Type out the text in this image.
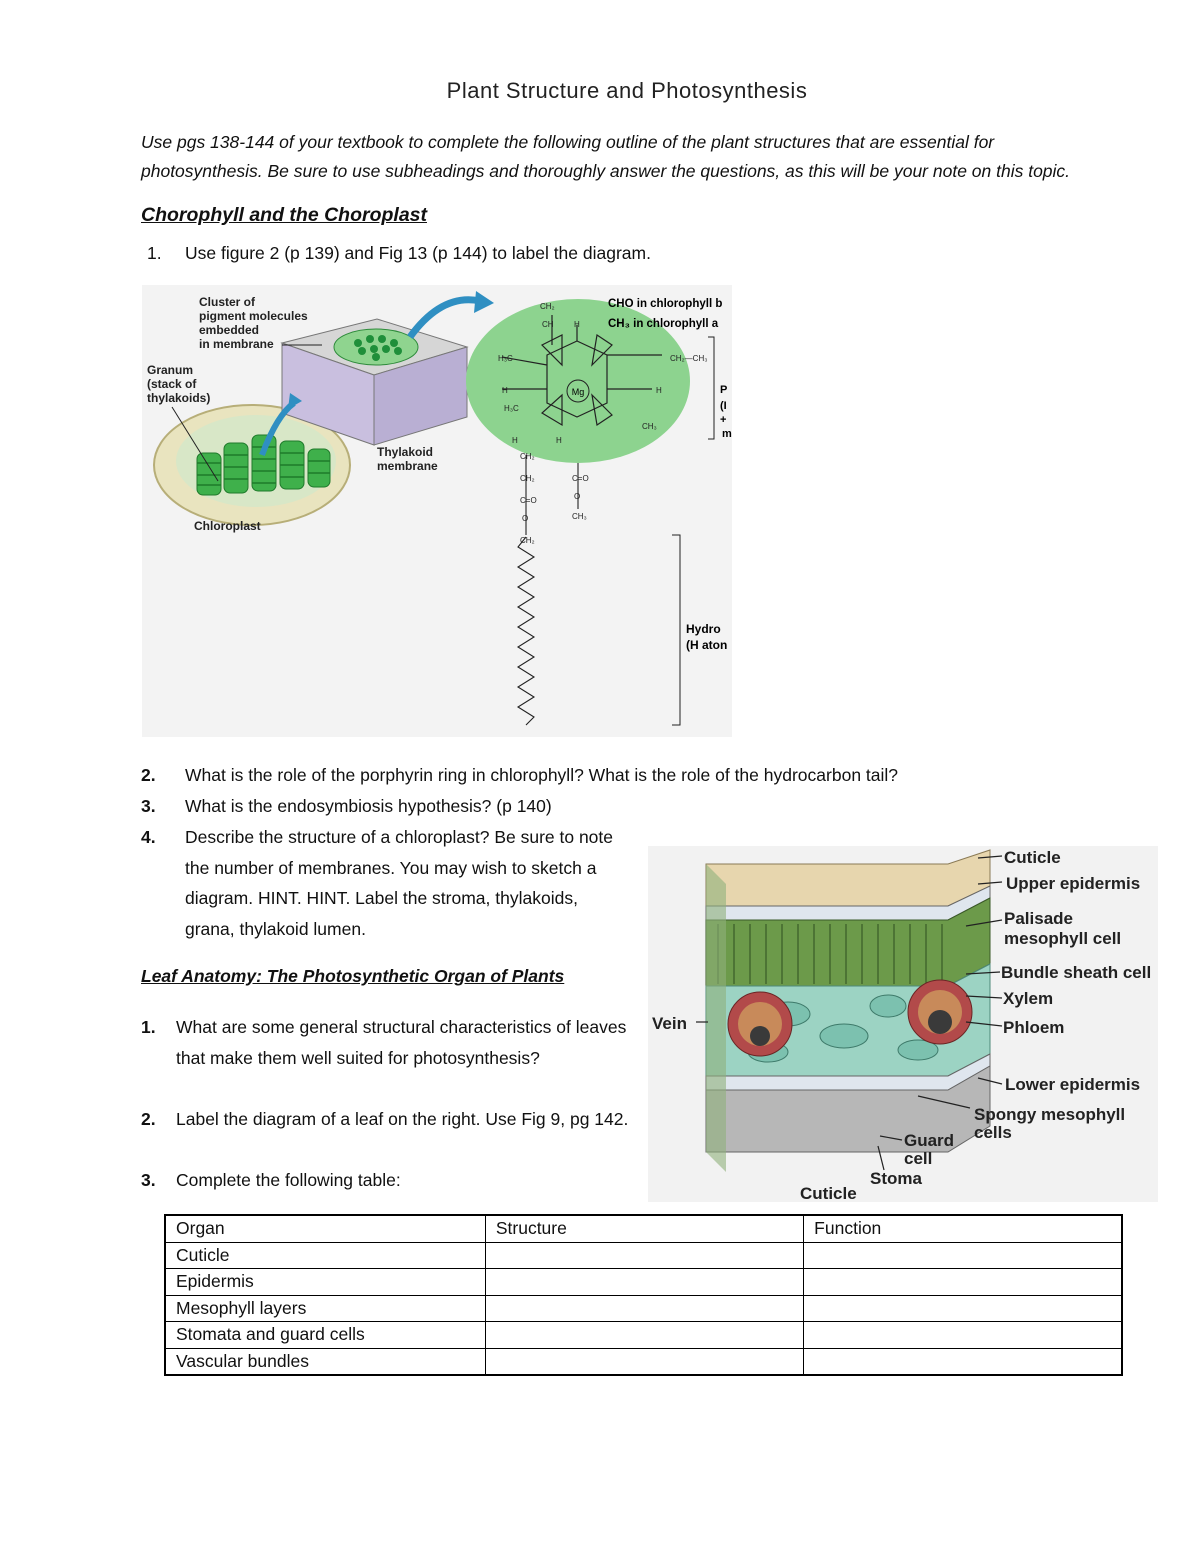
Plant Structure and Photosynthesis
Use pgs 138-144 of your textbook to complete the following outline of the plant structures that are essential for photosynthesis. Be sure to use subheadings and thoroughly answer the questions, as this will be your note on this topic.
Chorophyll and the Choroplast
1. Use figure 2 (p 139) and Fig 13 (p 144) to label the diagram.
Mg
CH₂
CH	H
H₃C	CH₂—CH₃
H	H
H₃C
CH₃
H	H
CHO in chlorophyll b
CH₃ in chlorophyll a
P
(I
+
m
CH₂
CH₂
C=O
O
CH₂
C=O
O
CH₃
Hydro
(H aton
Cluster of
pigment molecules
embedded
in membrane
Granum
(stack of
thylakoids)
Thylakoid
membrane
Chloroplast
2. What is the role of the porphyrin ring in chlorophyll? What is the role of the hydrocarbon tail?
3. What is the endosymbiosis hypothesis? (p 140)
4. Describe the structure of a chloroplast? Be sure to note the number of membranes. You may wish to sketch a diagram. HINT. HINT. Label the stroma, thylakoids, grana, thylakoid lumen.
Leaf Anatomy: The Photosynthetic Organ of Plants
1. What are some general structural characteristics of leaves that make them well suited for photosynthesis?
2. Label the diagram of a leaf on the right. Use Fig 9, pg 142.
3. Complete the following table:
Cuticle
Upper epidermis
Palisade
mesophyll cell
Bundle sheath cell
Xylem
Phloem
Vein
Lower epidermis
Spongy mesophyll
cells
Guard
cell
Stoma
Cuticle
Organ	Structure	Function
Cuticle		
Epidermis		
Mesophyll layers		
Stomata and guard cells		
Vascular bundles		
